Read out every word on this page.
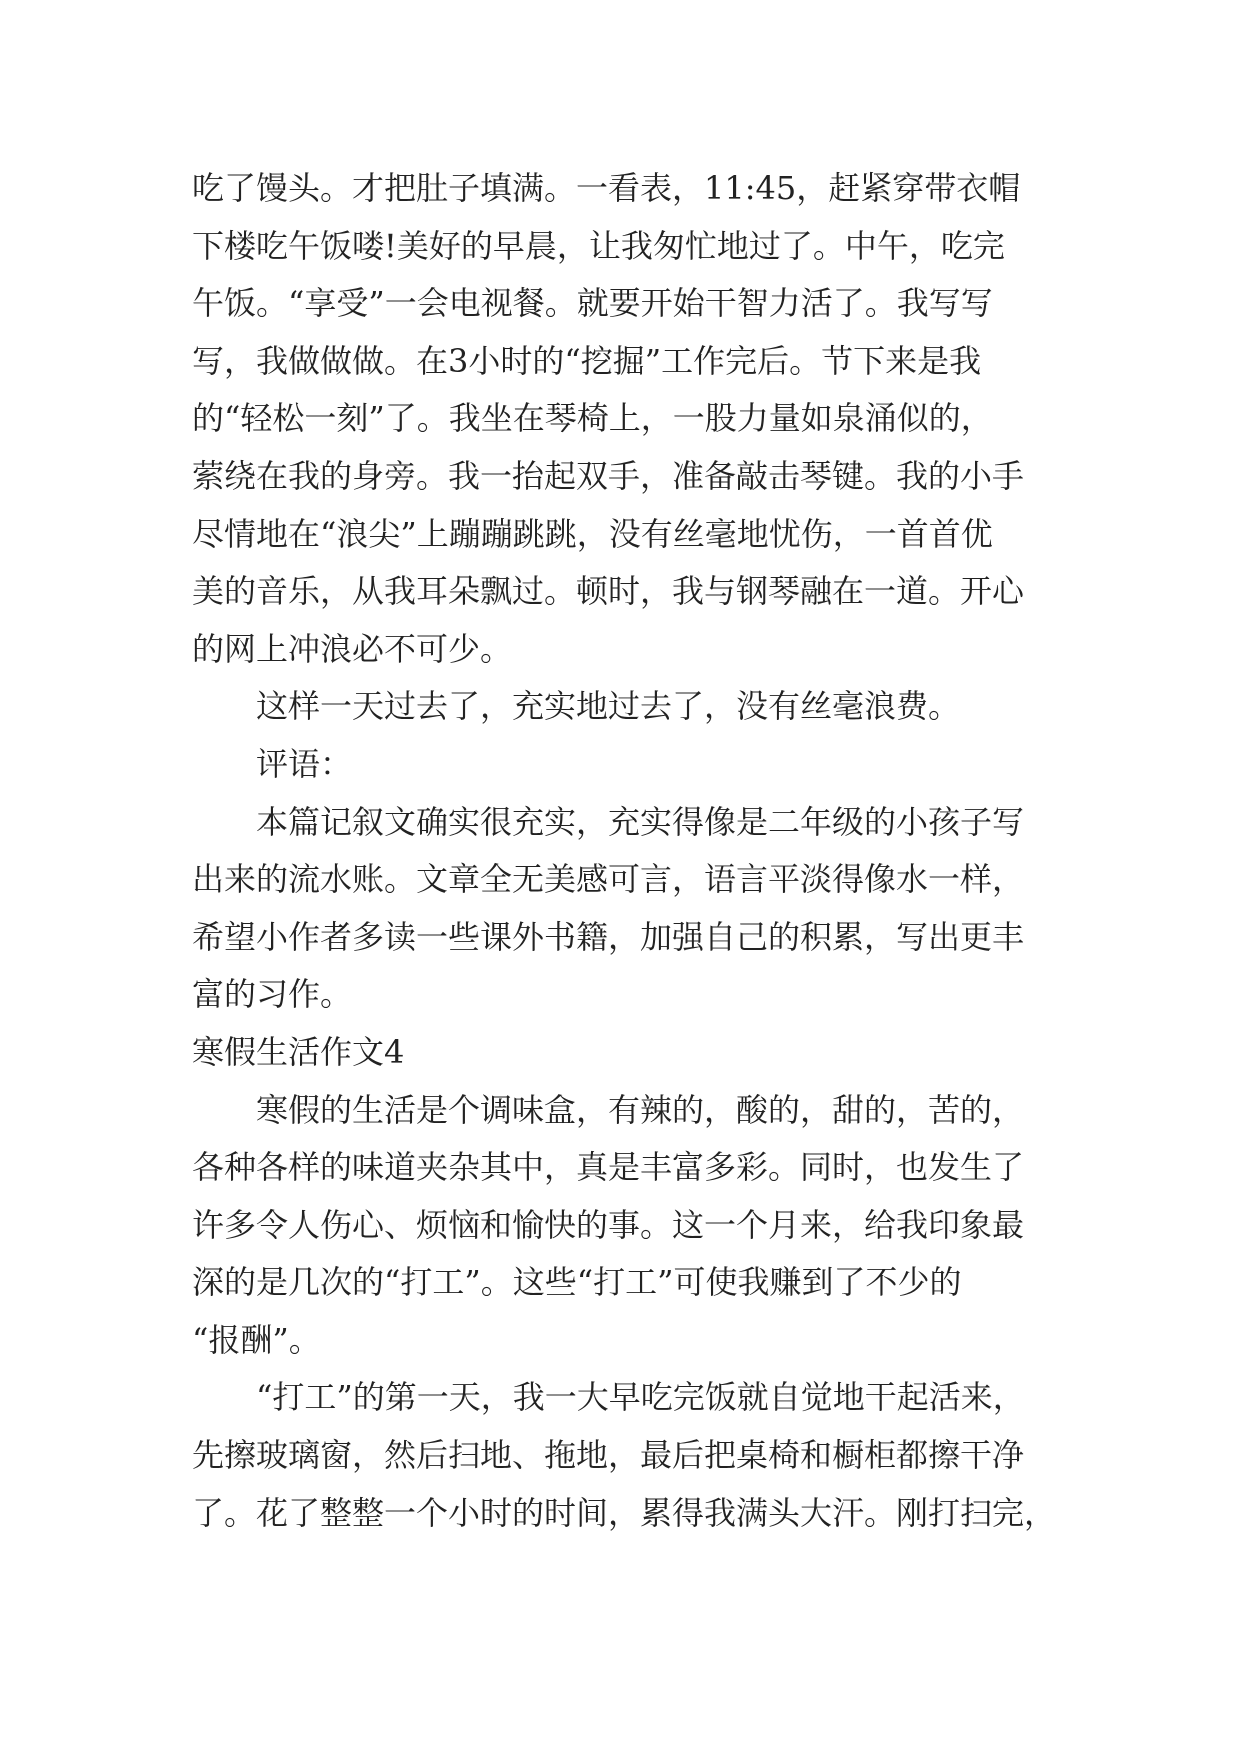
吃了馒头。才把肚子填满。一看表，11:45，赶紧穿带衣帽
下楼吃午饭喽!美好的早晨，让我匆忙地过了。中午，吃完
午饭。“享受”一会电视餐。就要开始干智力活了。我写写
写，我做做做。在3小时的“挖掘”工作完后。节下来是我
的“轻松一刻”了。我坐在琴椅上，一股力量如泉涌似的，
萦绕在我的身旁。我一抬起双手，准备敲击琴键。我的小手
尽情地在“浪尖”上蹦蹦跳跳，没有丝毫地忧伤，一首首优
美的音乐，从我耳朵飘过。顿时，我与钢琴融在一道。开心
的网上冲浪必不可少。
这样一天过去了，充实地过去了，没有丝毫浪费。
评语：
本篇记叙文确实很充实，充实得像是二年级的小孩子写
出来的流水账。文章全无美感可言，语言平淡得像水一样，
希望小作者多读一些课外书籍，加强自己的积累，写出更丰
富的习作。
寒假生活作文4
寒假的生活是个调味盒，有辣的，酸的，甜的，苦的，
各种各样的味道夹杂其中，真是丰富多彩。同时，也发生了
许多令人伤心、烦恼和愉快的事。这一个月来，给我印象最
深的是几次的“打工”。这些“打工”可使我赚到了不少的
“报酬”。
“打工”的第一天，我一大早吃完饭就自觉地干起活来，
先擦玻璃窗，然后扫地、拖地，最后把桌椅和橱柜都擦干净
了。花了整整一个小时的时间，累得我满头大汗。刚打扫完，
